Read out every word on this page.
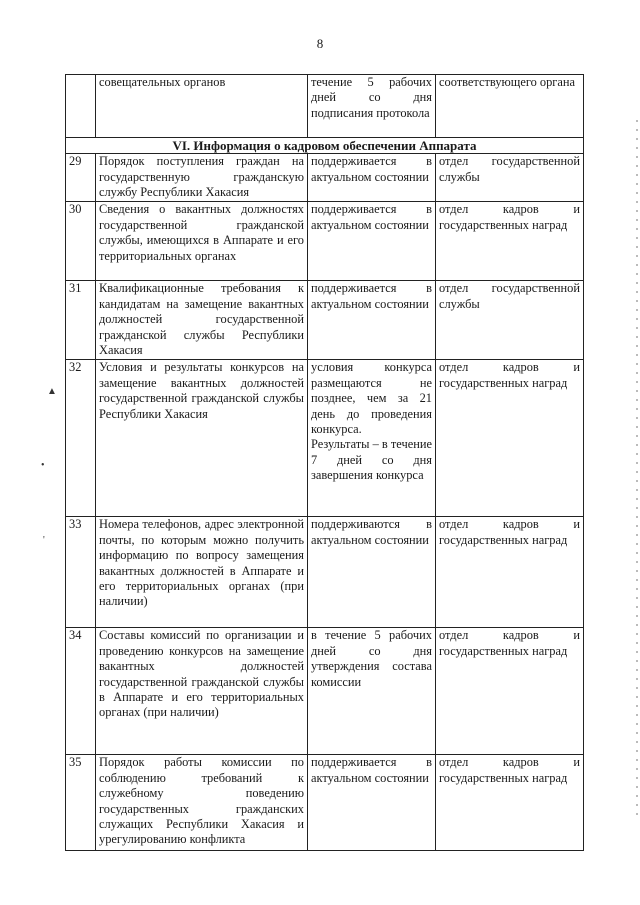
8
▲
•
'
	совещательных органов	течение 5 рабочих дней со дня подписания протокола	соответствующего органа
VI. Информация о кадровом обеспечении Аппарата			
29	Порядок поступления граждан на государственную гражданскую службу Республики Хакасия	поддерживается в актуальном состоянии	отдел государственной службы
30	Сведения о вакантных должностях государственной гражданской службы, имеющихся в Аппарате и его территориальных органах	поддерживается в актуальном состоянии	отдел кадров и государственных наград
31	Квалификационные требования к кандидатам на замещение вакантных должностей государственной гражданской службы Республики Хакасия	поддерживается в актуальном состоянии	отдел государственной службы
32	Условия и результаты конкурсов на замещение вакантных должностей государственной гражданской службы Республики Хакасия	условия конкурса размещаются не позднее, чем за 21 день до проведения конкурса.
Результаты – в течение 7 дней со дня завершения конкурса	отдел кадров и государственных наград
33	Номера телефонов, адрес электронной почты, по которым можно получить информацию по вопросу замещения вакантных должностей в Аппарате и его территориальных органах (при наличии)	поддерживаются в актуальном состоянии	отдел кадров и государственных наград
34	Составы комиссий по организации и проведению конкурсов на замещение вакантных должностей государственной гражданской службы в Аппарате и его территориальных органах (при наличии)	в течение 5 рабочих дней со дня утверждения состава комиссии	отдел кадров и государственных наград
35	Порядок работы комиссии по соблюдению требований к служебному поведению государственных гражданских служащих Республики Хакасия и урегулированию конфликта	поддерживается в актуальном состоянии	отдел кадров и государственных наград
